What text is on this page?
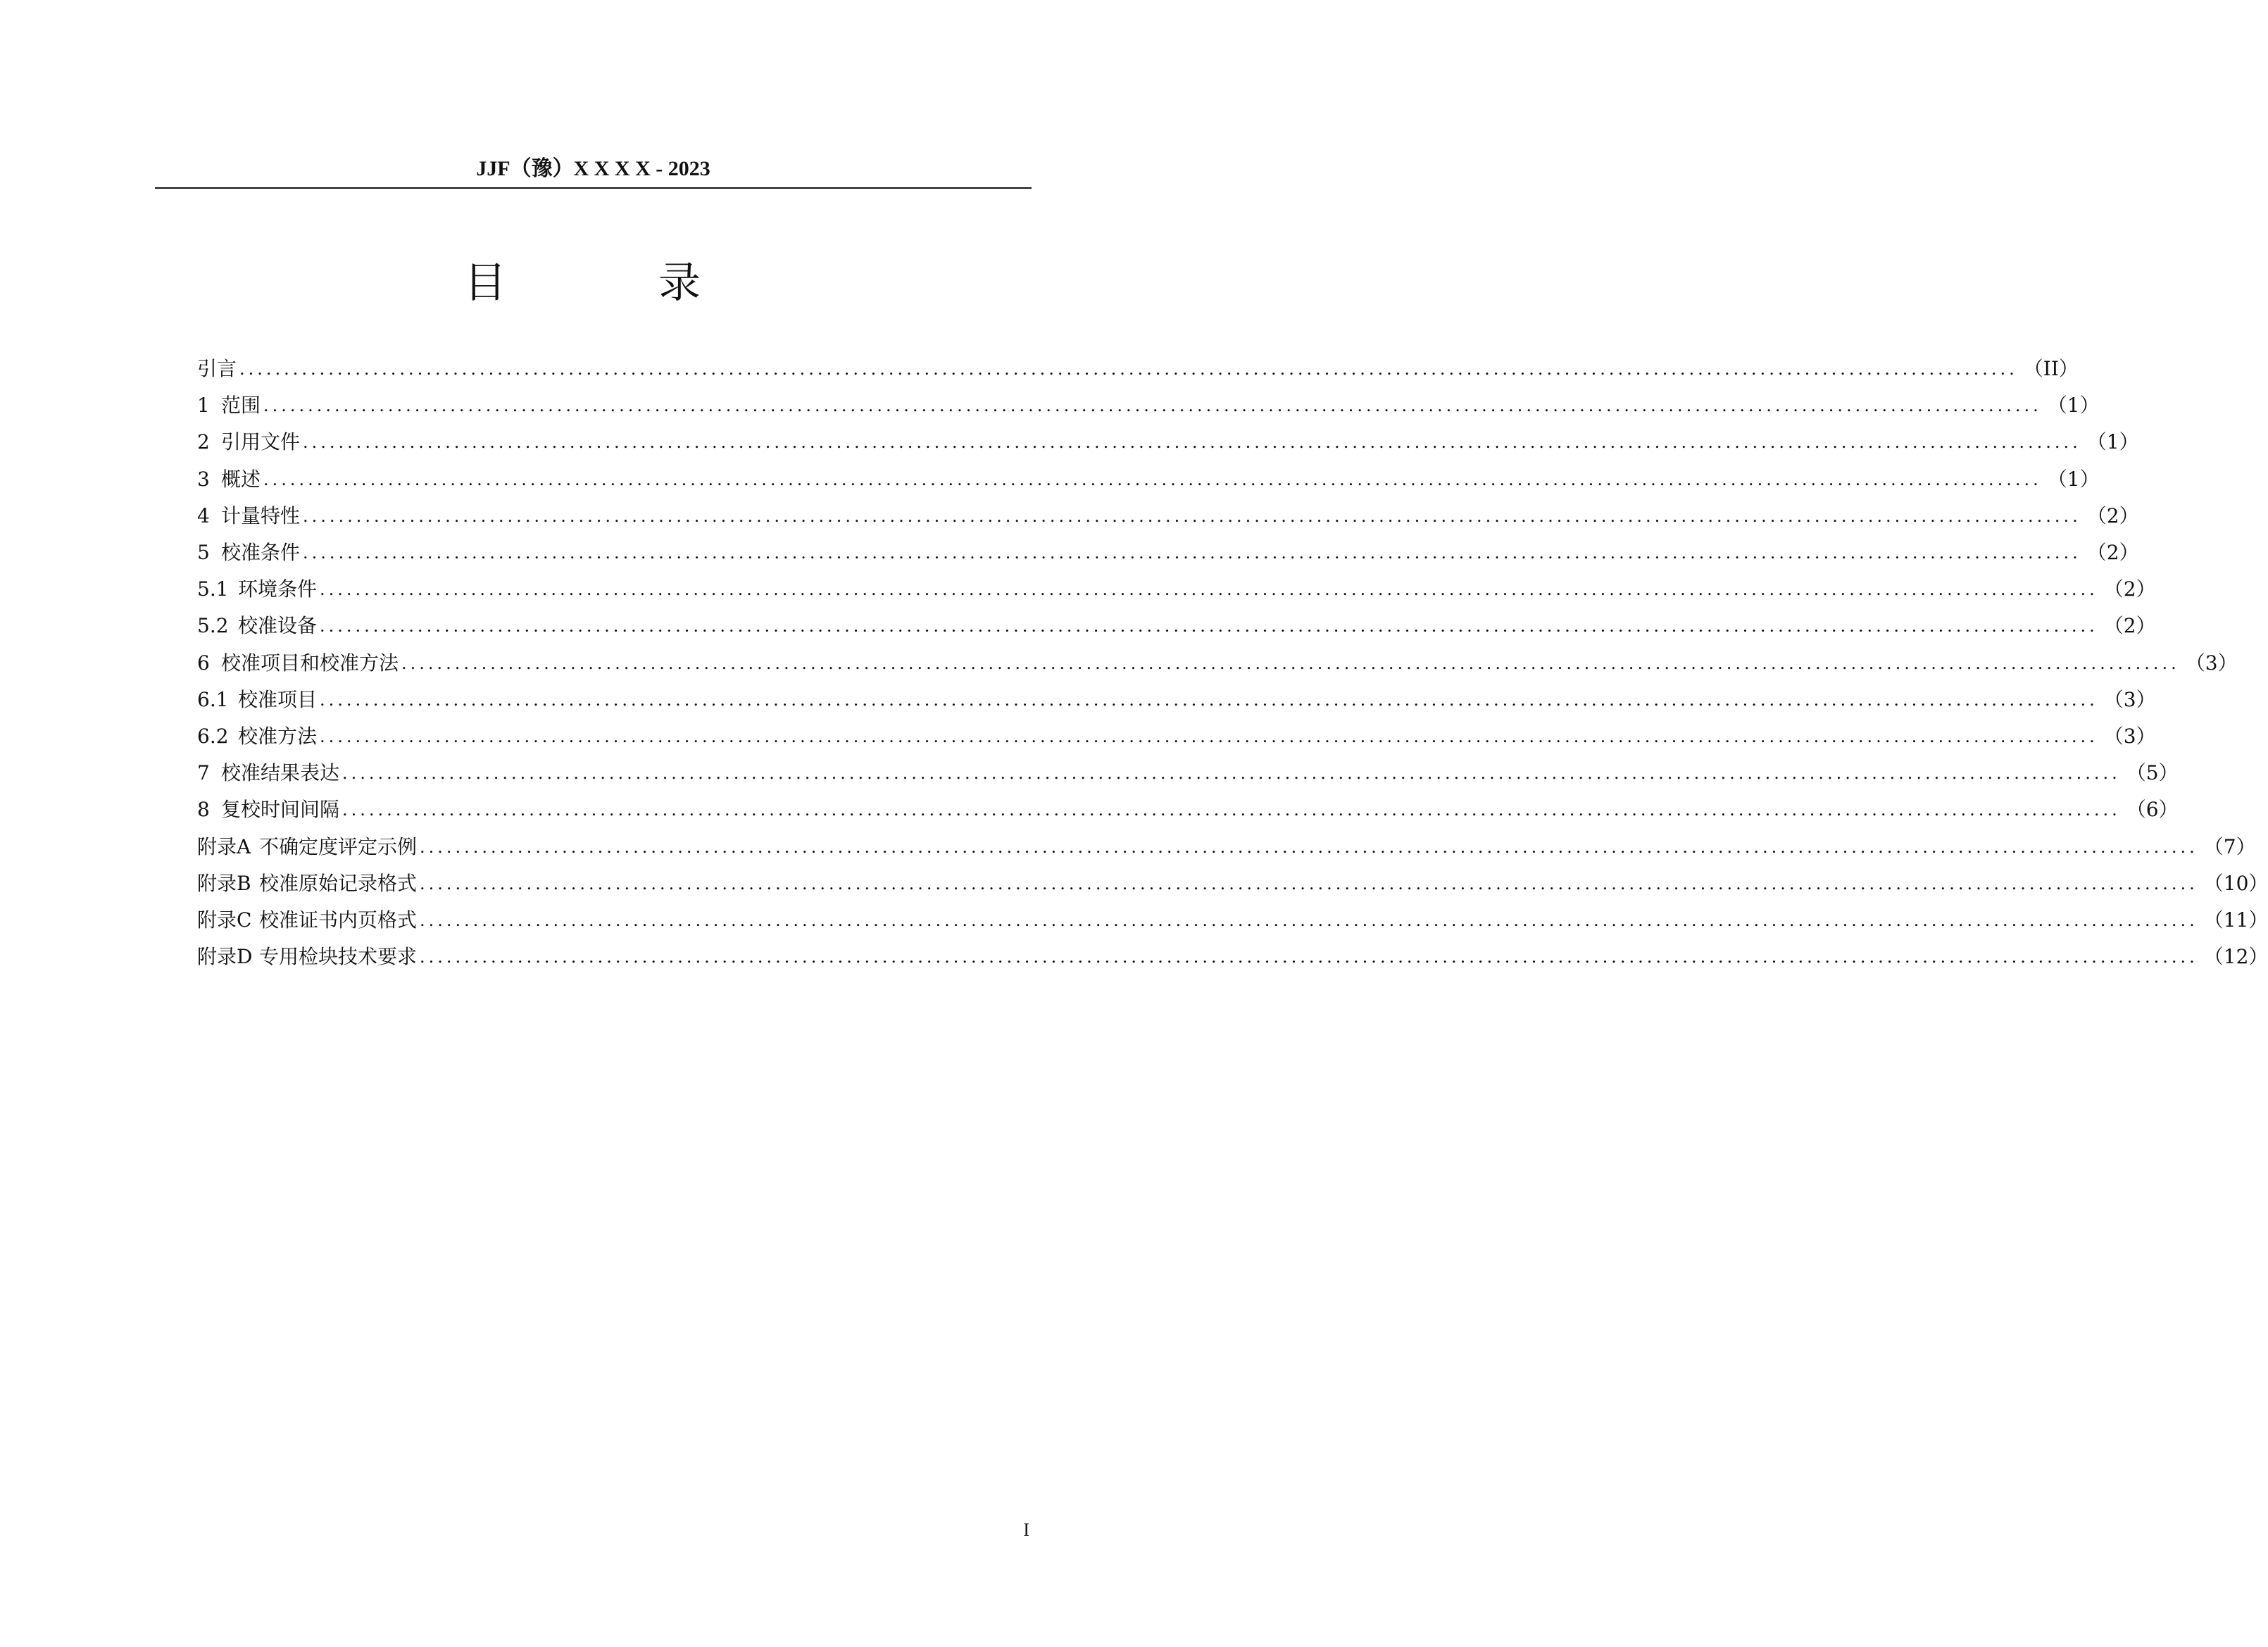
JJF（豫）X X X X - 2023
目	录
引言 ........................................................................................................................................................................................................ （II）
1 范围 ........................................................................................................................................................................................................ （1）
2 引用文件 ........................................................................................................................................................................................................ （1）
3 概述 ........................................................................................................................................................................................................ （1）
4 计量特性 ........................................................................................................................................................................................................ （2）
5 校准条件 ........................................................................................................................................................................................................ （2）
5.1 环境条件 ........................................................................................................................................................................................................ （2）
5.2 校准设备 ........................................................................................................................................................................................................ （2）
6 校准项目和校准方法 ........................................................................................................................................................................................................ （3）
6.1 校准项目 ........................................................................................................................................................................................................ （3）
6.2 校准方法 ........................................................................................................................................................................................................ （3）
7 校准结果表达 ........................................................................................................................................................................................................ （5）
8 复校时间间隔 ........................................................................................................................................................................................................ （6）
附录A 不确定度评定示例 ........................................................................................................................................................................................................ （7）
附录B 校准原始记录格式 ........................................................................................................................................................................................................ （10）
附录C 校准证书内页格式 ........................................................................................................................................................................................................ （11）
附录D 专用检块技术要求 ........................................................................................................................................................................................................ （12）
I
